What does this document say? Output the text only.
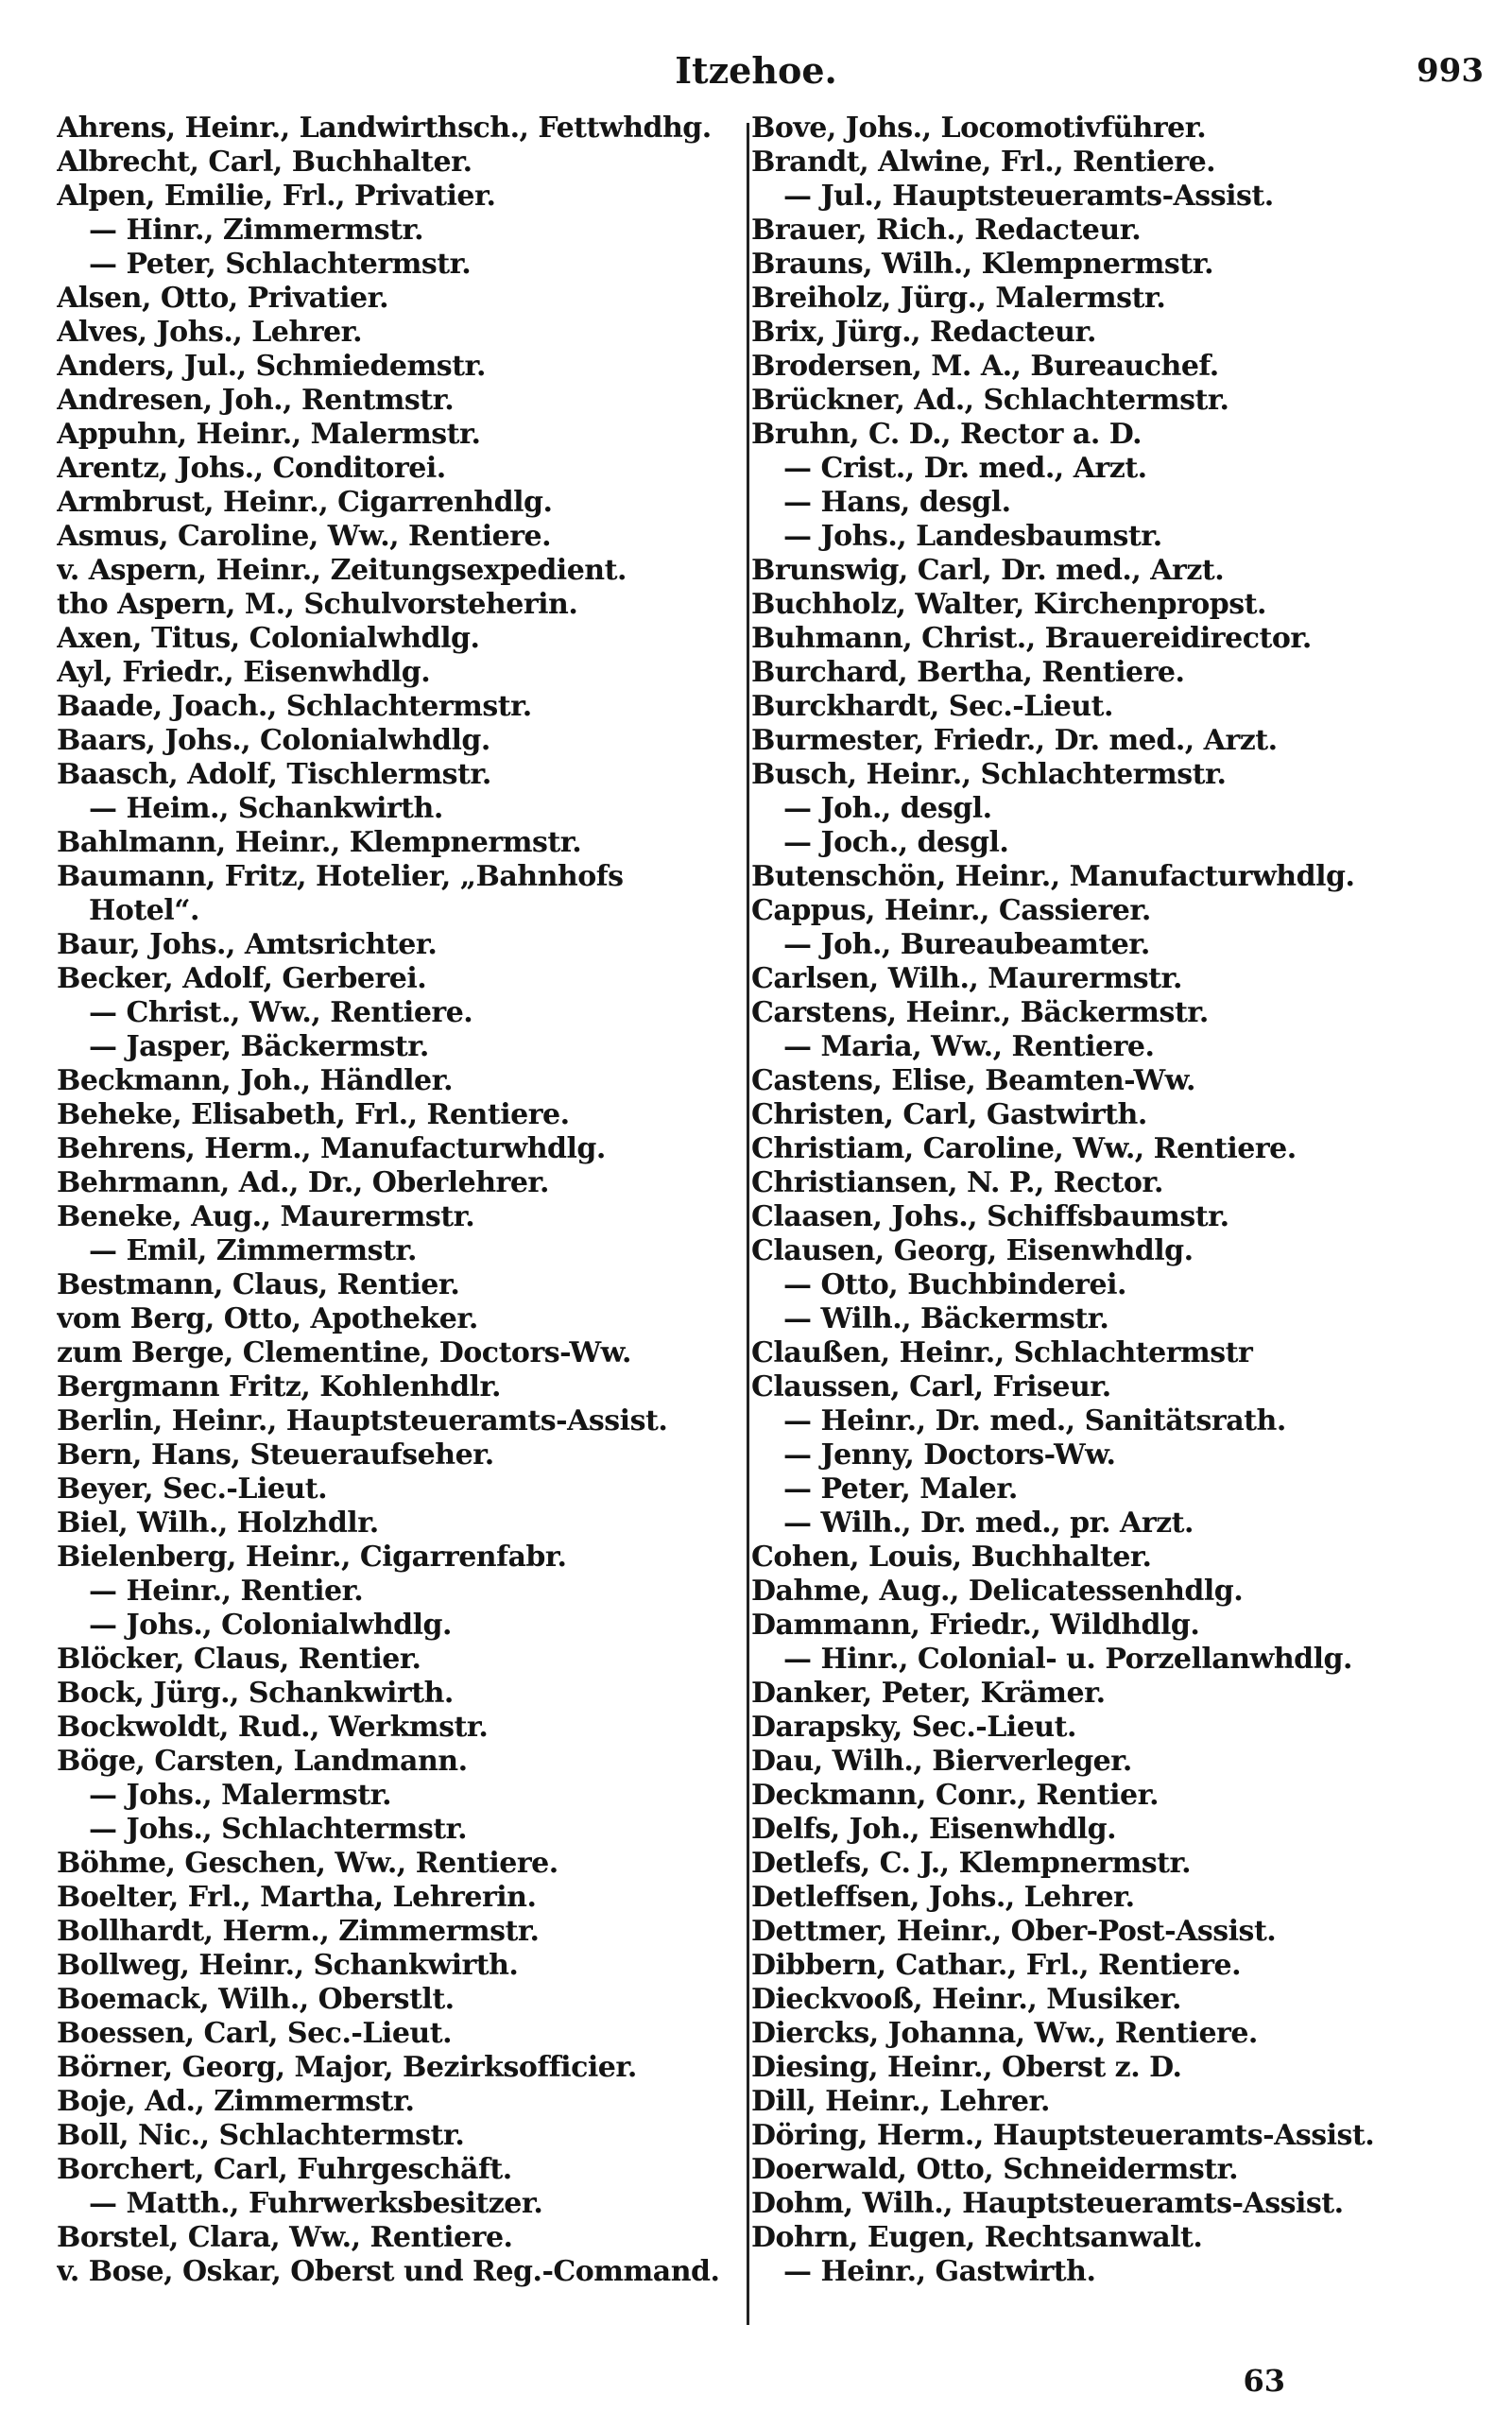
Itzehoe.	993
Ahrens, Heinr., Landwirthsch., Fettwhdhg.
Albrecht, Carl, Buchhalter.
Alpen, Emilie, Frl., Privatier.
— Hinr., Zimmermstr.
— Peter, Schlachtermstr.
Alsen, Otto, Privatier.
Alves, Johs., Lehrer.
Anders, Jul., Schmiedemstr.
Andresen, Joh., Rentmstr.
Appuhn, Heinr., Malermstr.
Arentz, Johs., Conditorei.
Armbrust, Heinr., Cigarrenhdlg.
Asmus, Caroline, Ww., Rentiere.
v. Aspern, Heinr., Zeitungsexpedient.
tho Aspern, M., Schulvorsteherin.
Axen, Titus, Colonialwhdlg.
Ayl, Friedr., Eisenwhdlg.
Baade, Joach., Schlachtermstr.
Baars, Johs., Colonialwhdlg.
Baasch, Adolf, Tischlermstr.
— Heim., Schankwirth.
Bahlmann, Heinr., Klempnermstr.
Baumann, Fritz, Hotelier, „Bahnhofs
Hotel“.
Baur, Johs., Amtsrichter.
Becker, Adolf, Gerberei.
— Christ., Ww., Rentiere.
— Jasper, Bäckermstr.
Beckmann, Joh., Händler.
Beheke, Elisabeth, Frl., Rentiere.
Behrens, Herm., Manufacturwhdlg.
Behrmann, Ad., Dr., Oberlehrer.
Beneke, Aug., Maurermstr.
— Emil, Zimmermstr.
Bestmann, Claus, Rentier.
vom Berg, Otto, Apotheker.
zum Berge, Clementine, Doctors-Ww.
Bergmann Fritz, Kohlenhdlr.
Berlin, Heinr., Hauptsteueramts-Assist.
Bern, Hans, Steueraufseher.
Beyer, Sec.-Lieut.
Biel, Wilh., Holzhdlr.
Bielenberg, Heinr., Cigarrenfabr.
— Heinr., Rentier.
— Johs., Colonialwhdlg.
Blöcker, Claus, Rentier.
Bock, Jürg., Schankwirth.
Bockwoldt, Rud., Werkmstr.
Böge, Carsten, Landmann.
— Johs., Malermstr.
— Johs., Schlachtermstr.
Böhme, Geschen, Ww., Rentiere.
Boelter, Frl., Martha, Lehrerin.
Bollhardt, Herm., Zimmermstr.
Bollweg, Heinr., Schankwirth.
Boemack, Wilh., Oberstlt.
Boessen, Carl, Sec.-Lieut.
Börner, Georg, Major, Bezirksofficier.
Boje, Ad., Zimmermstr.
Boll, Nic., Schlachtermstr.
Borchert, Carl, Fuhrgeschäft.
— Matth., Fuhrwerksbesitzer.
Borstel, Clara, Ww., Rentiere.
v. Bose, Oskar, Oberst und Reg.-Command.
Bove, Johs., Locomotivführer.
Brandt, Alwine, Frl., Rentiere.
— Jul., Hauptsteueramts-Assist.
Brauer, Rich., Redacteur.
Brauns, Wilh., Klempnermstr.
Breiholz, Jürg., Malermstr.
Brix, Jürg., Redacteur.
Brodersen, M. A., Bureauchef.
Brückner, Ad., Schlachtermstr.
Bruhn, C. D., Rector a. D.
— Crist., Dr. med., Arzt.
— Hans, desgl.
— Johs., Landesbaumstr.
Brunswig, Carl, Dr. med., Arzt.
Buchholz, Walter, Kirchenpropst.
Buhmann, Christ., Brauereidirector.
Burchard, Bertha, Rentiere.
Burckhardt, Sec.-Lieut.
Burmester, Friedr., Dr. med., Arzt.
Busch, Heinr., Schlachtermstr.
— Joh., desgl.
— Joch., desgl.
Butenschön, Heinr., Manufacturwhdlg.
Cappus, Heinr., Cassierer.
— Joh., Bureaubeamter.
Carlsen, Wilh., Maurermstr.
Carstens, Heinr., Bäckermstr.
— Maria, Ww., Rentiere.
Castens, Elise, Beamten-Ww.
Christen, Carl, Gastwirth.
Christiam, Caroline, Ww., Rentiere.
Christiansen, N. P., Rector.
Claasen, Johs., Schiffsbaumstr.
Clausen, Georg, Eisenwhdlg.
— Otto, Buchbinderei.
— Wilh., Bäckermstr.
Claußen, Heinr., Schlachtermstr
Claussen, Carl, Friseur.
— Heinr., Dr. med., Sanitätsrath.
— Jenny, Doctors-Ww.
— Peter, Maler.
— Wilh., Dr. med., pr. Arzt.
Cohen, Louis, Buchhalter.
Dahme, Aug., Delicatessenhdlg.
Dammann, Friedr., Wildhdlg.
— Hinr., Colonial- u. Porzellanwhdlg.
Danker, Peter, Krämer.
Darapsky, Sec.-Lieut.
Dau, Wilh., Bierverleger.
Deckmann, Conr., Rentier.
Delfs, Joh., Eisenwhdlg.
Detlefs, C. J., Klempnermstr.
Detleffsen, Johs., Lehrer.
Dettmer, Heinr., Ober-Post-Assist.
Dibbern, Cathar., Frl., Rentiere.
Dieckvooß, Heinr., Musiker.
Diercks, Johanna, Ww., Rentiere.
Diesing, Heinr., Oberst z. D.
Dill, Heinr., Lehrer.
Döring, Herm., Hauptsteueramts-Assist.
Doerwald, Otto, Schneidermstr.
Dohm, Wilh., Hauptsteueramts-Assist.
Dohrn, Eugen, Rechtsanwalt.
— Heinr., Gastwirth.
63
